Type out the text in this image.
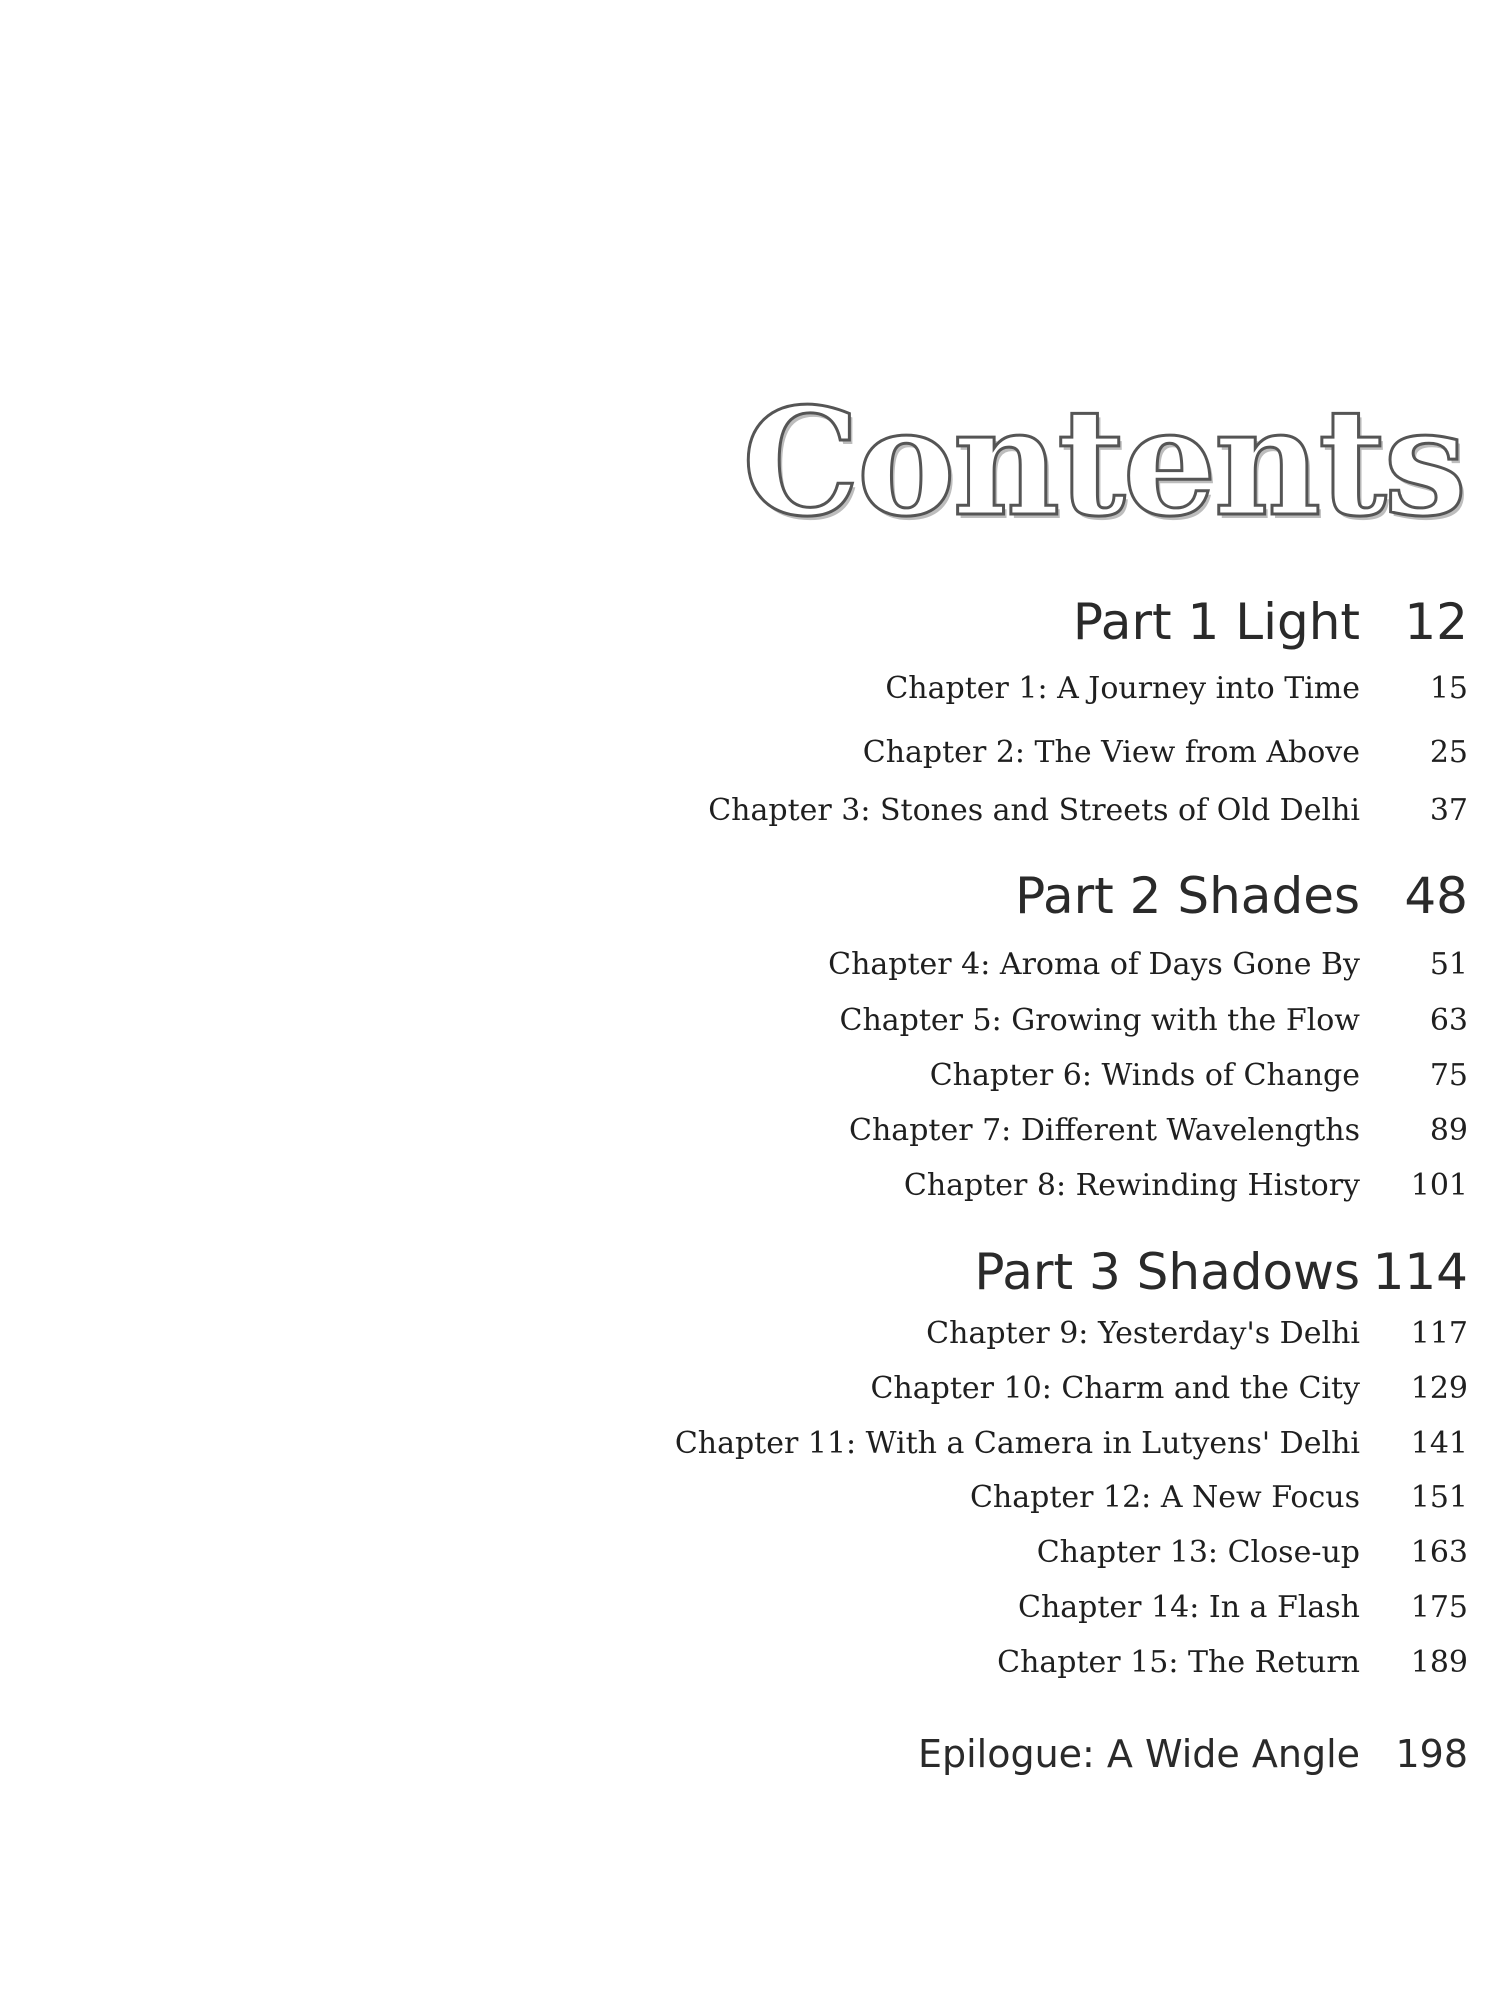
Contents
Part 1 Light 12
Chapter 1: A Journey into Time 15
Chapter 2: The View from Above 25
Chapter 3: Stones and Streets of Old Delhi 37
Part 2 Shades 48
Chapter 4: Aroma of Days Gone By 51
Chapter 5: Growing with the Flow 63
Chapter 6: Winds of Change 75
Chapter 7: Different Wavelengths 89
Chapter 8: Rewinding History 101
Part 3 Shadows 114
Chapter 9: Yesterday's Delhi 117
Chapter 10: Charm and the City 129
Chapter 11: With a Camera in Lutyens' Delhi 141
Chapter 12: A New Focus 151
Chapter 13: Close-up 163
Chapter 14: In a Flash 175
Chapter 15: The Return 189
Epilogue: A Wide Angle 198
